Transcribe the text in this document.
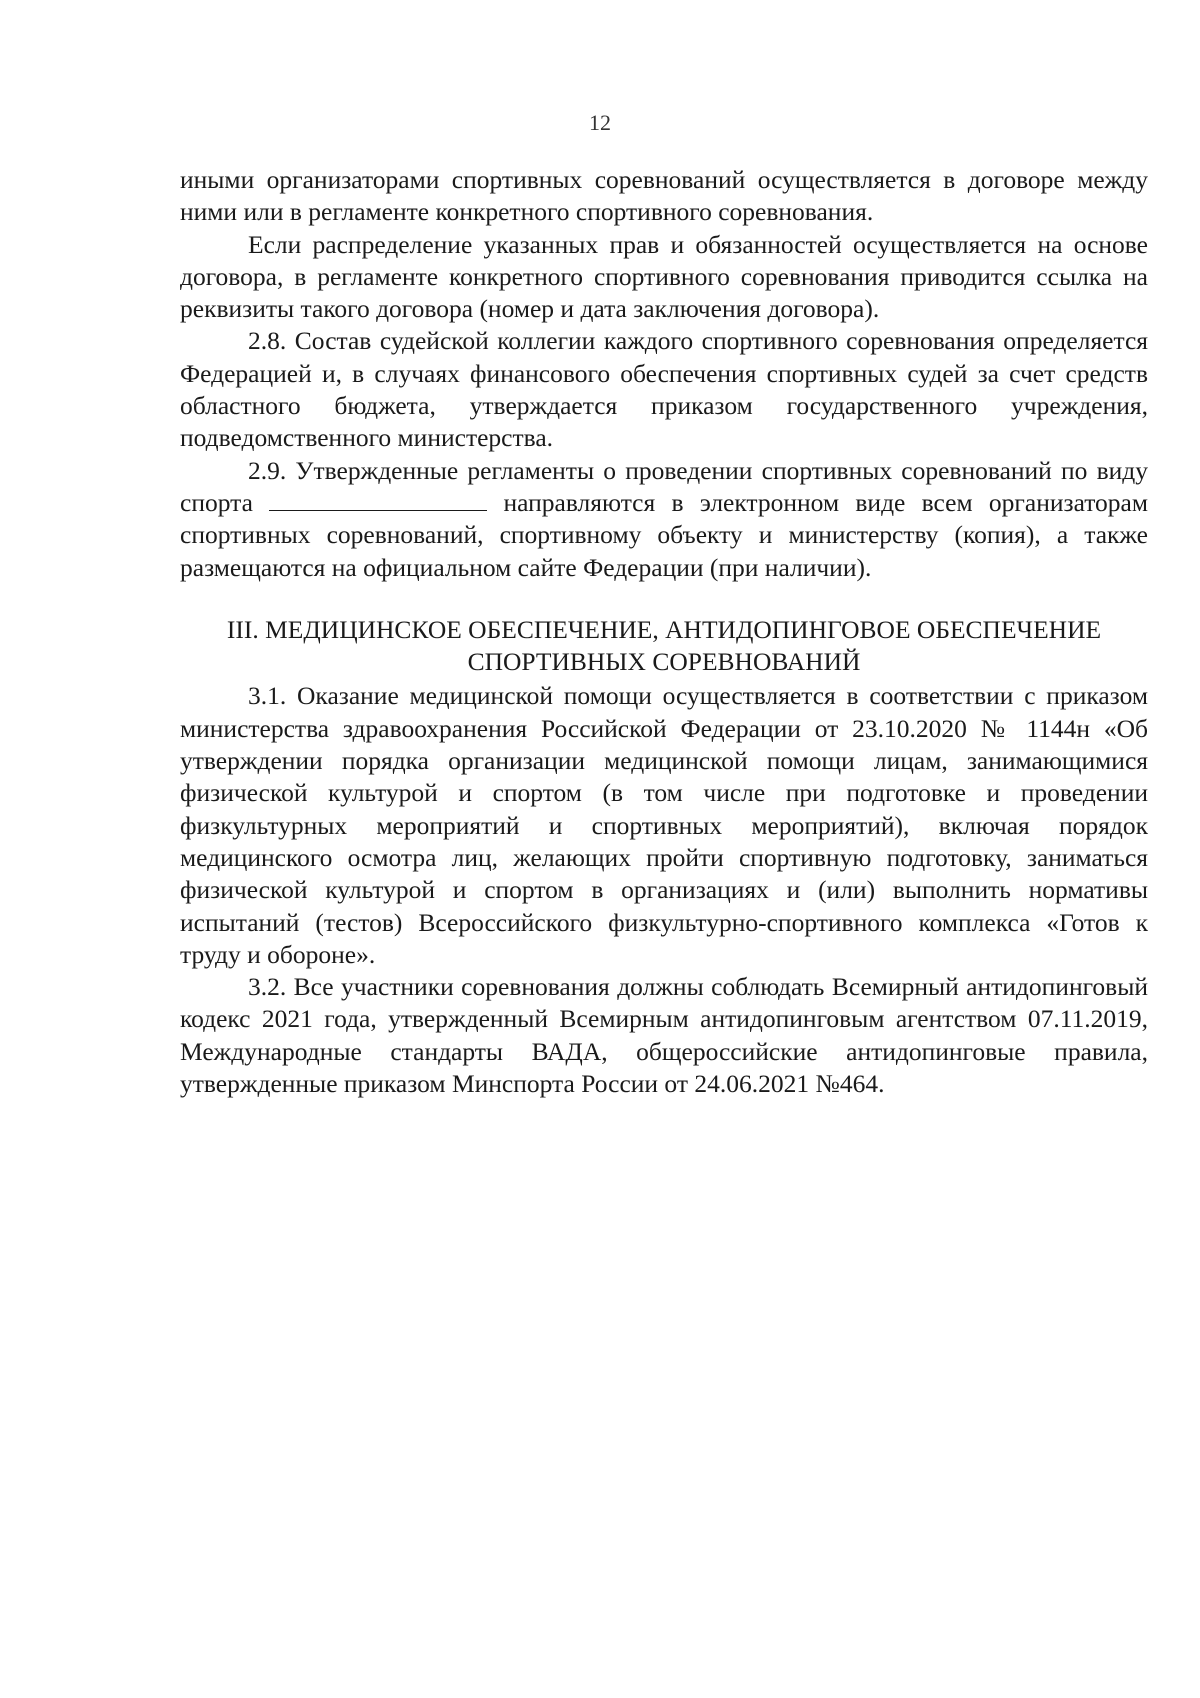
12

иными организаторами спортивных соревнований осуществляется в договоре между ними или в регламенте конкретного спортивного соревнования.

Если распределение указанных прав и обязанностей осуществляется на основе договора, в регламенте конкретного спортивного соревнования приводится ссылка на реквизиты такого договора (номер и дата заключения договора).

2.8. Состав судейской коллегии каждого спортивного соревнования определяется Федерацией и, в случаях финансового обеспечения спортивных судей за счет средств областного бюджета, утверждается приказом государственного учреждения, подведомственного министерства.

2.9. Утвержденные регламенты о проведении спортивных соревнований по виду спорта	направляются в электронном виде всем организаторам спортивных соревнований, спортивному объекту и министерству (копия), а также размещаются на официальном сайте Федерации (при наличии).

III. МЕДИЦИНСКОЕ ОБЕСПЕЧЕНИЕ, АНТИДОПИНГОВОЕ ОБЕСПЕЧЕНИЕ
СПОРТИВНЫХ СОРЕВНОВАНИЙ

3.1. Оказание медицинской помощи осуществляется в соответствии с приказом министерства здравоохранения Российской Федерации от 23.10.2020 № 1144н «Об утверждении порядка организации медицинской помощи лицам, занимающимися физической культурой и спортом (в том числе при подготовке и проведении физкультурных мероприятий и спортивных мероприятий), включая порядок медицинского осмотра лиц, желающих пройти спортивную подготовку, заниматься физической культурой и спортом в организациях и (или) выполнить нормативы испытаний (тестов) Всероссийского физкультурно-спортивного комплекса «Готов к труду и обороне».

3.2. Все участники соревнования должны соблюдать Всемирный антидопинговый кодекс 2021 года, утвержденный Всемирным антидопинговым агентством 07.11.2019, Международные стандарты ВАДА, общероссийские антидопинговые правила, утвержденные приказом Минспорта России от 24.06.2021 №464.
